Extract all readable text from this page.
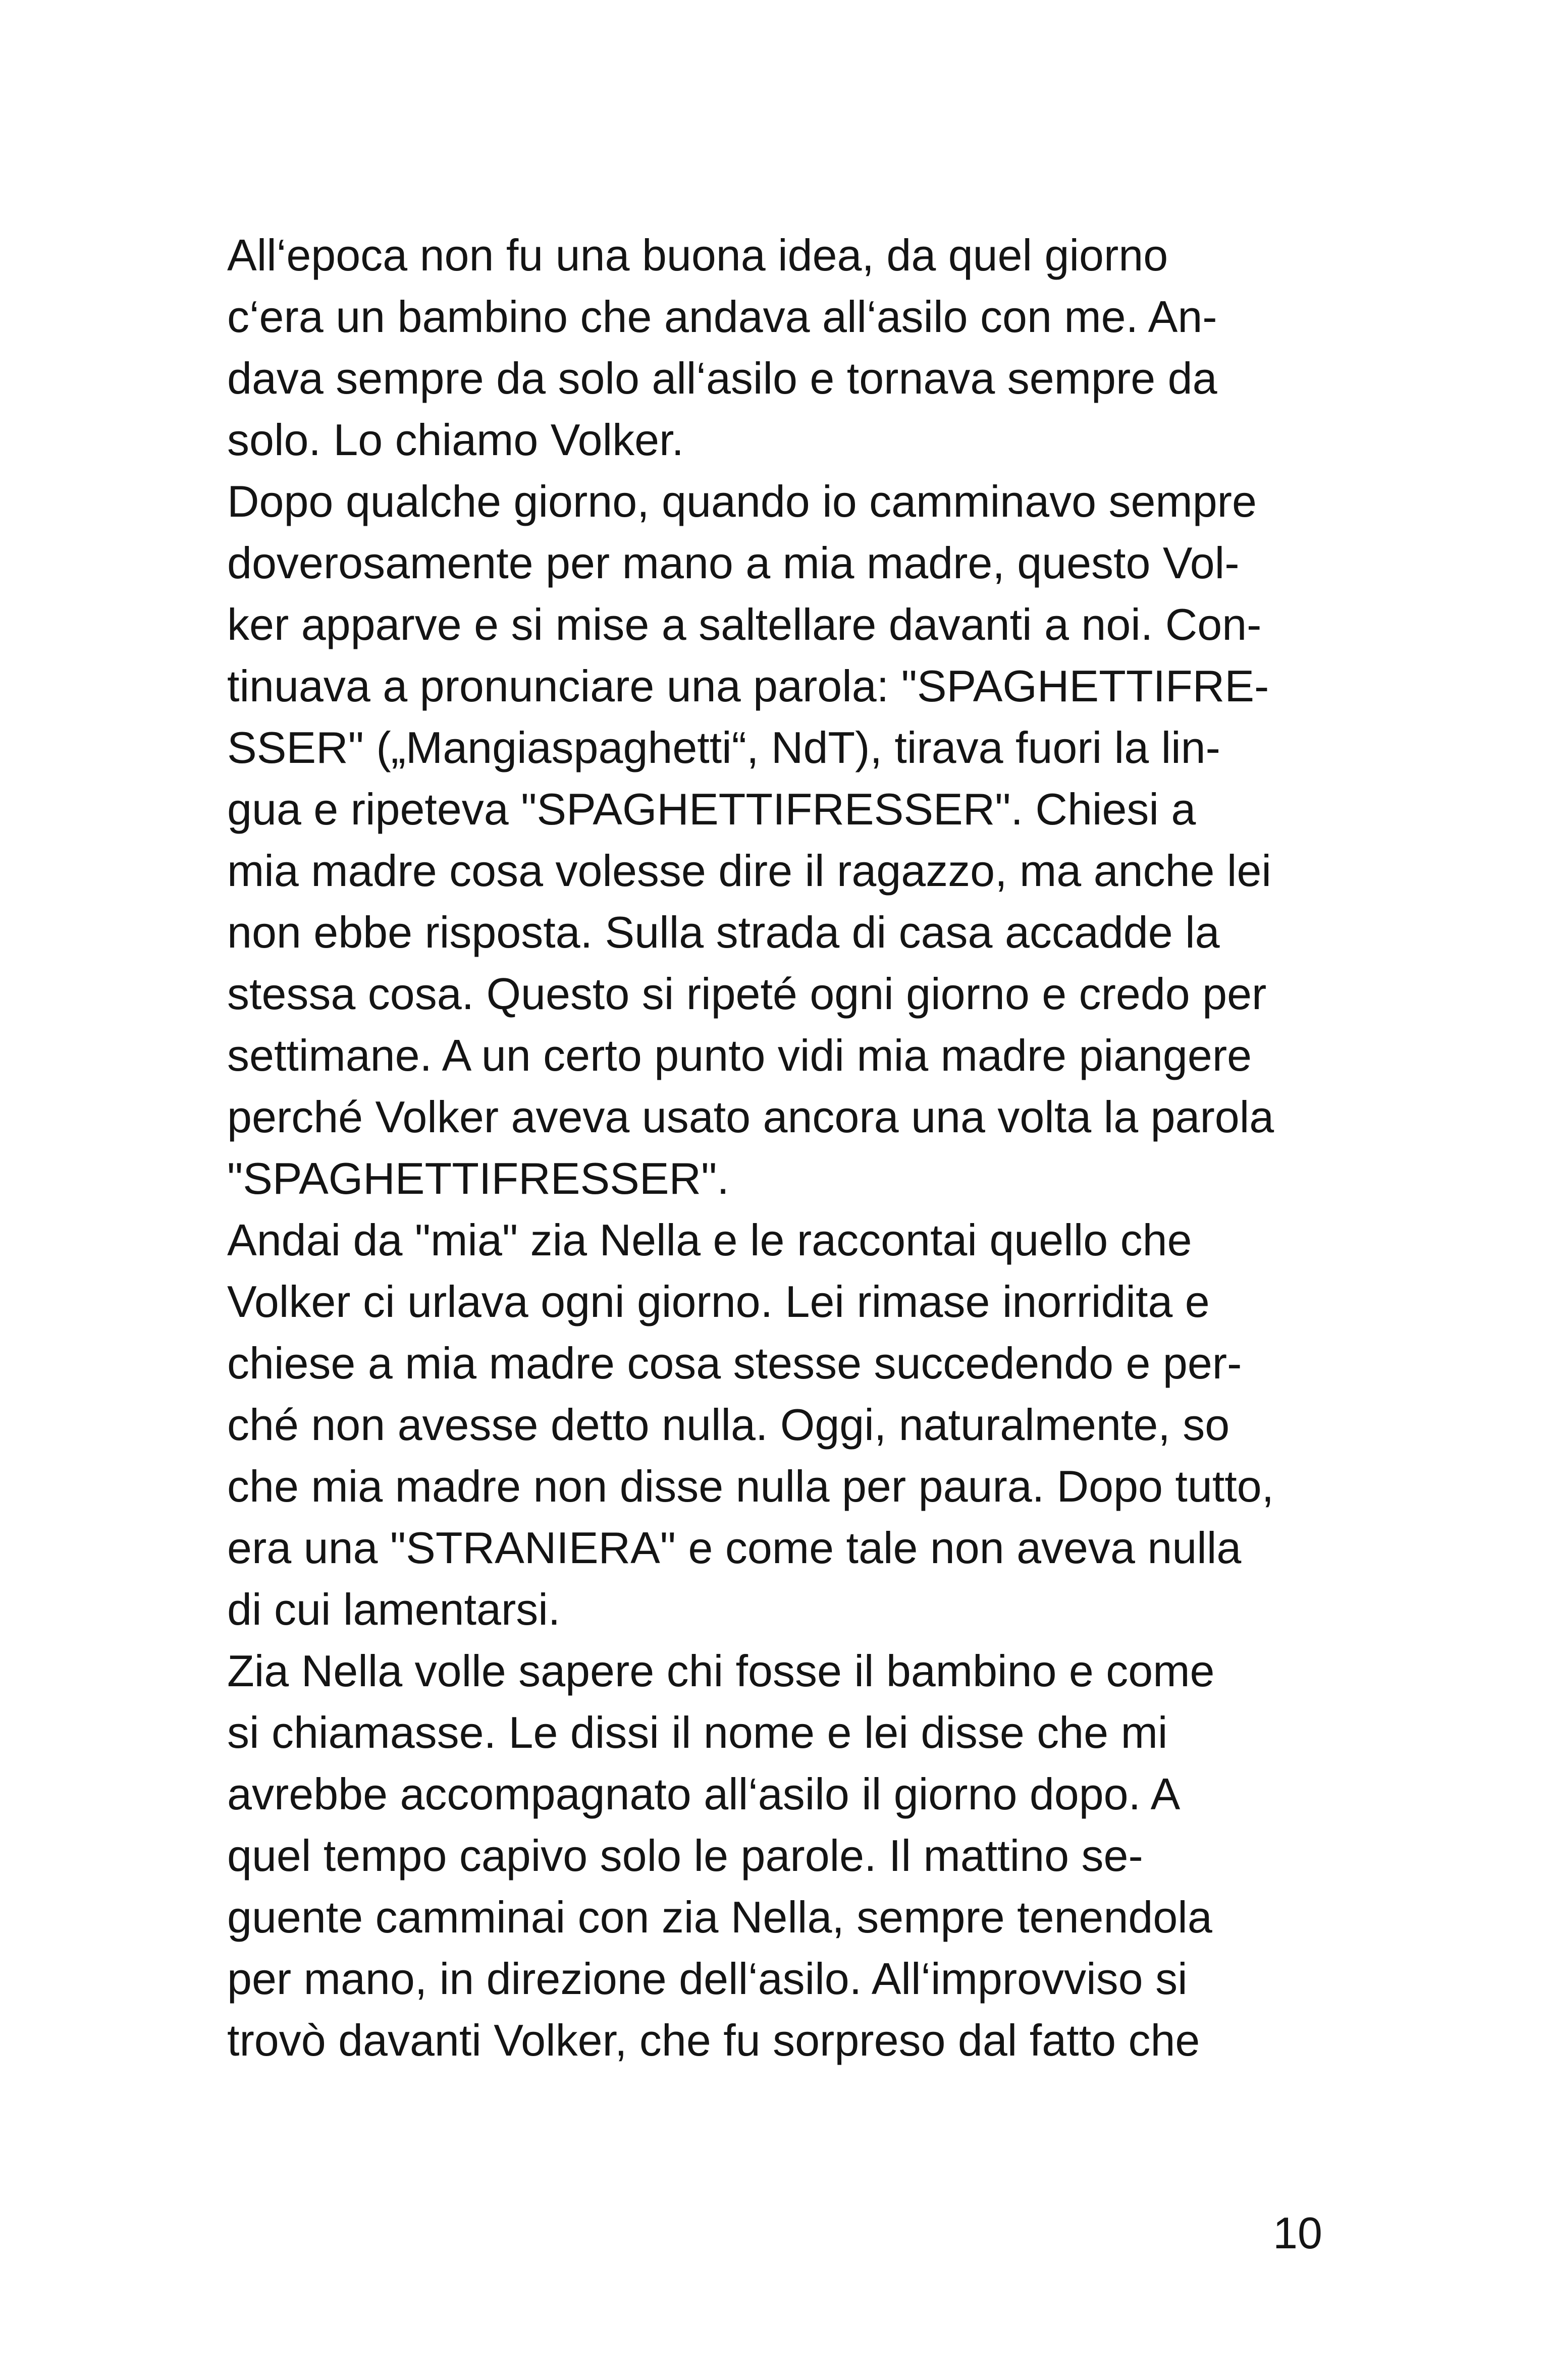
All‘epoca non fu una buona idea, da quel giorno
c‘era un bambino che andava all‘asilo con me. An-
dava sempre da solo all‘asilo e tornava sempre da
solo. Lo chiamo Volker.
Dopo qualche giorno, quando io camminavo sempre
doverosamente per mano a mia madre, questo Vol-
ker apparve e si mise a saltellare davanti a noi. Con-
tinuava a pronunciare una parola: "SPAGHETTIFRE-
SSER" („Mangiaspaghetti“, NdT), tirava fuori la lin-
gua e ripeteva "SPAGHETTIFRESSER". Chiesi a
mia madre cosa volesse dire il ragazzo, ma anche lei
non ebbe risposta. Sulla strada di casa accadde la
stessa cosa. Questo si ripeté ogni giorno e credo per
settimane. A un certo punto vidi mia madre piangere
perché Volker aveva usato ancora una volta la parola
"SPAGHETTIFRESSER".
Andai da "mia" zia Nella e le raccontai quello che
Volker ci urlava ogni giorno. Lei rimase inorridita e
chiese a mia madre cosa stesse succedendo e per-
ché non avesse detto nulla. Oggi, naturalmente, so
che mia madre non disse nulla per paura. Dopo tutto,
era una "STRANIERA" e come tale non aveva nulla
di cui lamentarsi.
Zia Nella volle sapere chi fosse il bambino e come
si chiamasse. Le dissi il nome e lei disse che mi
avrebbe accompagnato all‘asilo il giorno dopo. A
quel tempo capivo solo le parole. Il mattino se-
guente camminai con zia Nella, sempre tenendola
per mano, in direzione dell‘asilo. All‘improvviso si
trovò davanti Volker, che fu sorpreso dal fatto che
10
